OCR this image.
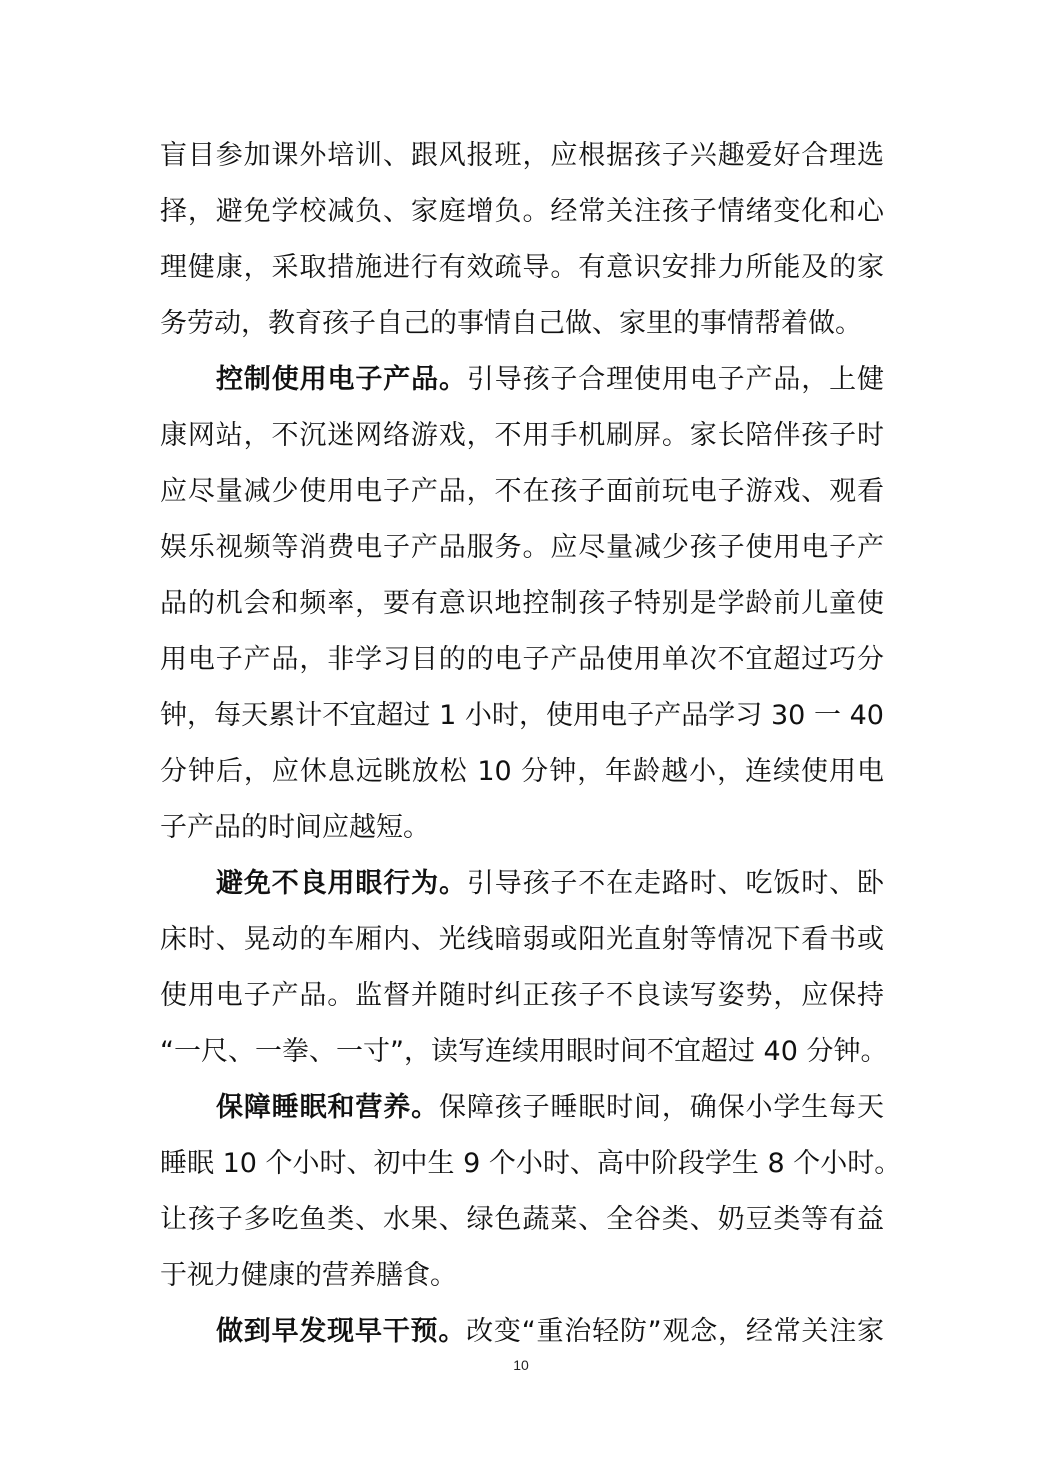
盲目参加课外培训、跟风报班，应根据孩子兴趣爱好合理选
择，避免学校减负、家庭增负。经常关注孩子情绪变化和心
理健康，采取措施进行有效疏导。有意识安排力所能及的家
务劳动，教育孩子自己的事情自己做、家里的事情帮着做。
控制使用电子产品。引导孩子合理使用电子产品，上健
康网站，不沉迷网络游戏，不用手机刷屏。家长陪伴孩子时
应尽量减少使用电子产品，不在孩子面前玩电子游戏、观看
娱乐视频等消费电子产品服务。应尽量减少孩子使用电子产
品的机会和频率，要有意识地控制孩子特别是学龄前儿童使
用电子产品，非学习目的的电子产品使用单次不宜超过巧分
钟，每天累计不宜超过 1 小时，使用电子产品学习 30 一 40
分钟后，应休息远眺放松 10 分钟，年龄越小，连续使用电
子产品的时间应越短。
避免不良用眼行为。引导孩子不在走路时、吃饭时、卧
床时、晃动的车厢内、光线暗弱或阳光直射等情况下看书或
使用电子产品。监督并随时纠正孩子不良读写姿势，应保持
“一尺、一拳、一寸”，读写连续用眼时间不宜超过 40 分钟。
保障睡眠和营养。保障孩子睡眠时间，确保小学生每天
睡眠 10 个小时、初中生 9 个小时、高中阶段学生 8 个小时。
让孩子多吃鱼类、水果、绿色蔬菜、全谷类、奶豆类等有益
于视力健康的营养膳食。
做到早发现早干预。改变“重治轻防”观念，经常关注家
10
